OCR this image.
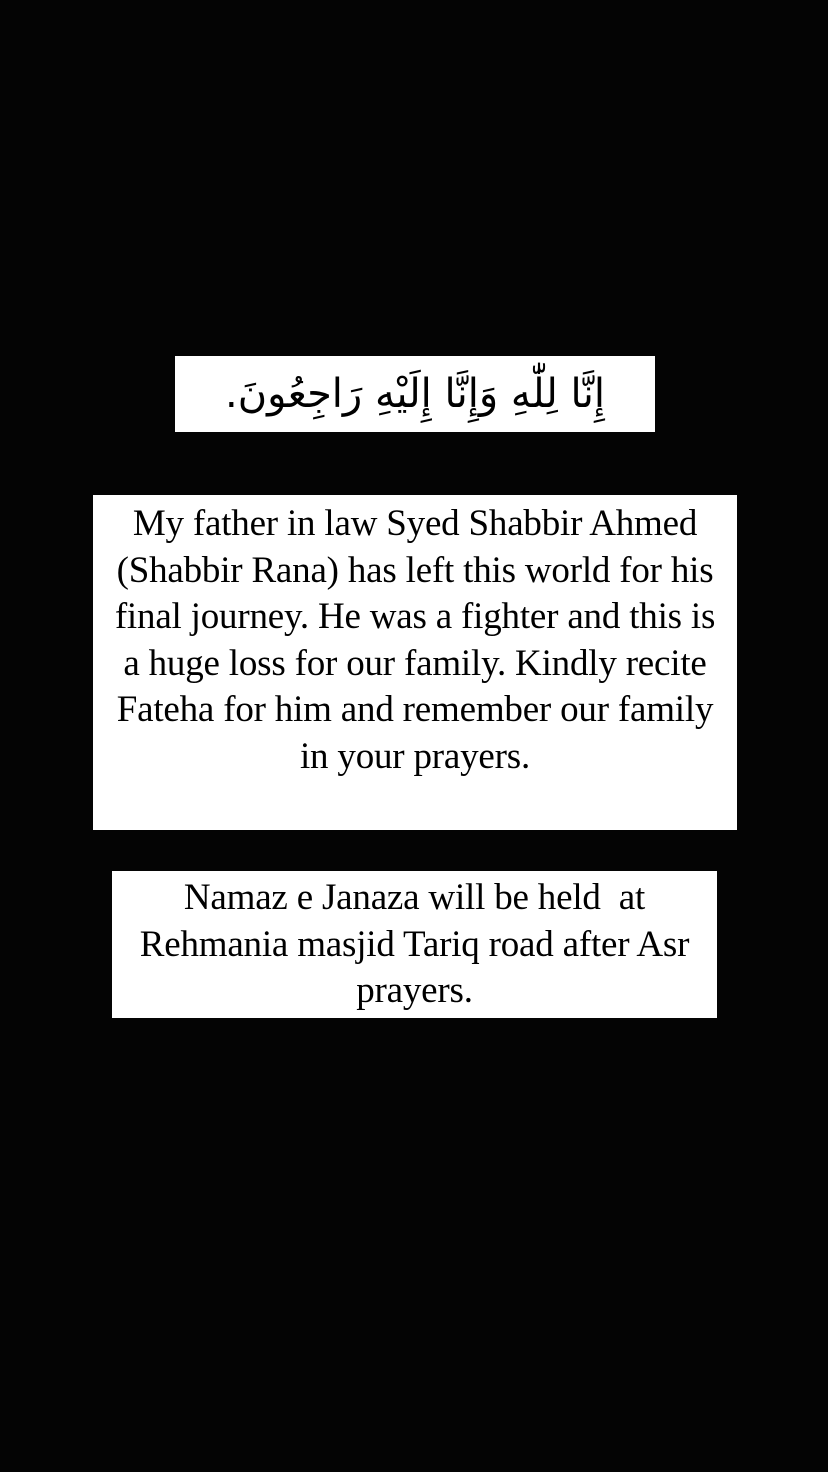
إِنَّا لِلّٰهِ وَإِنَّا إِلَيْهِ رَاجِعُونَ.
My father in law Syed Shabbir Ahmed (Shabbir Rana) has left this world for his final journey. He was a fighter and this is a huge loss for our family. Kindly recite Fateha for him and remember our family in your prayers.
Namaz e Janaza will be held  at Rehmania masjid Tariq road after Asr prayers.
